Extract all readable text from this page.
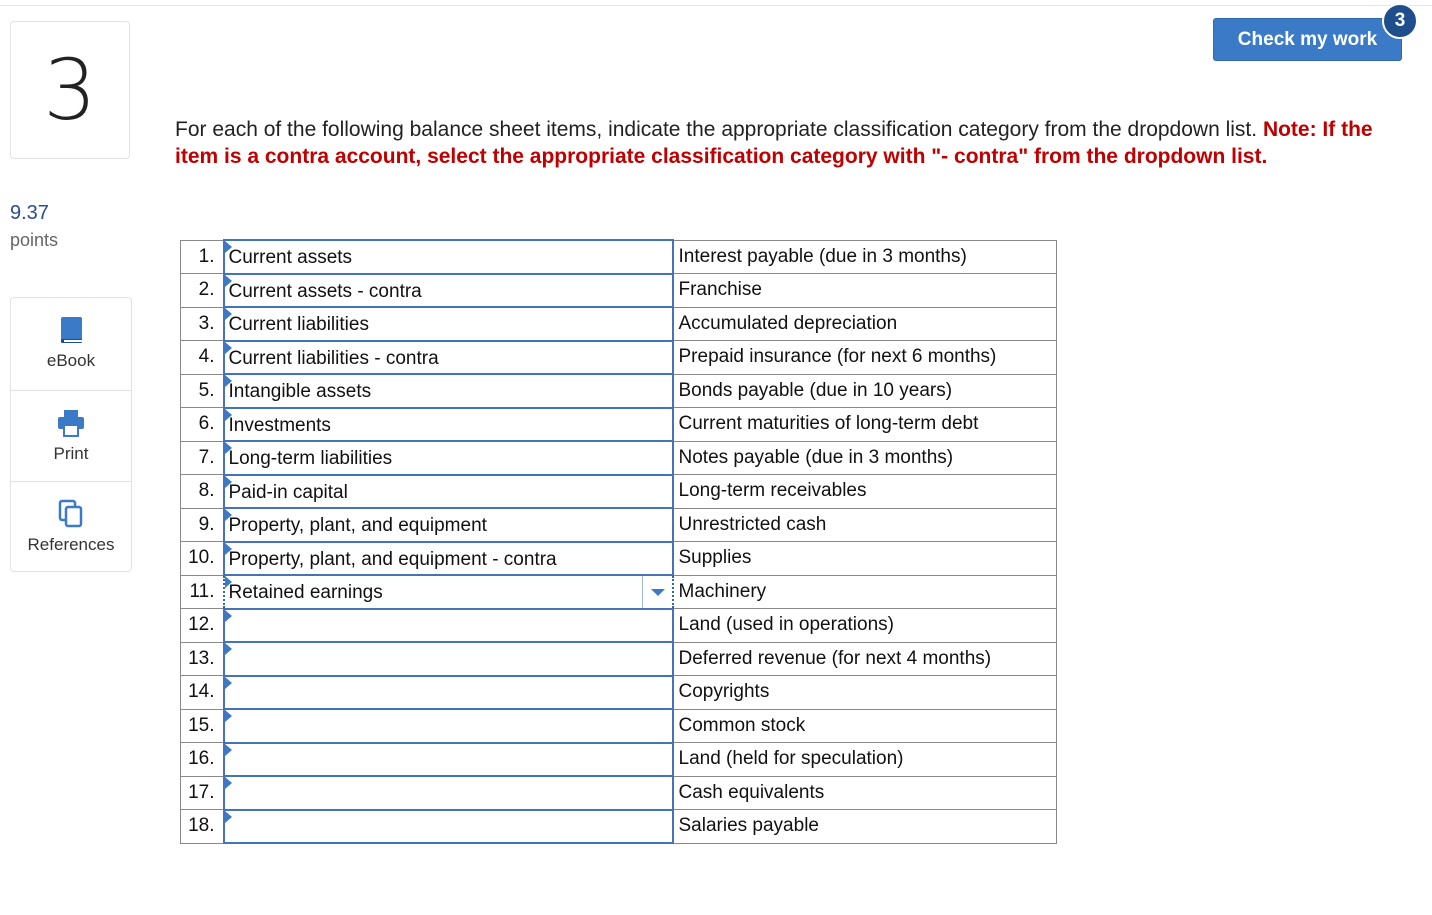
3
9.37
points
eBook
Print
References
Check my work
3
For each of the following balance sheet items, indicate the appropriate classification category from the dropdown list. Note: If the item is a contra account, select the appropriate classification category with "- contra" from the dropdown list.
1.	Current assets	Interest payable (due in 3 months)
2.	Current assets - contra	Franchise
3.	Current liabilities	Accumulated depreciation
4.	Current liabilities - contra	Prepaid insurance (for next 6 months)
5.	Intangible assets	Bonds payable (due in 10 years)
6.	Investments	Current maturities of long-term debt
7.	Long-term liabilities	Notes payable (due in 3 months)
8.	Paid-in capital	Long-term receivables
9.	Property, plant, and equipment	Unrestricted cash
10.	Property, plant, and equipment - contra	Supplies
11.	Retained earnings	Machinery
12.		Land (used in operations)
13.		Deferred revenue (for next 4 months)
14.		Copyrights
15.		Common stock
16.		Land (held for speculation)
17.		Cash equivalents
18.		Salaries payable
